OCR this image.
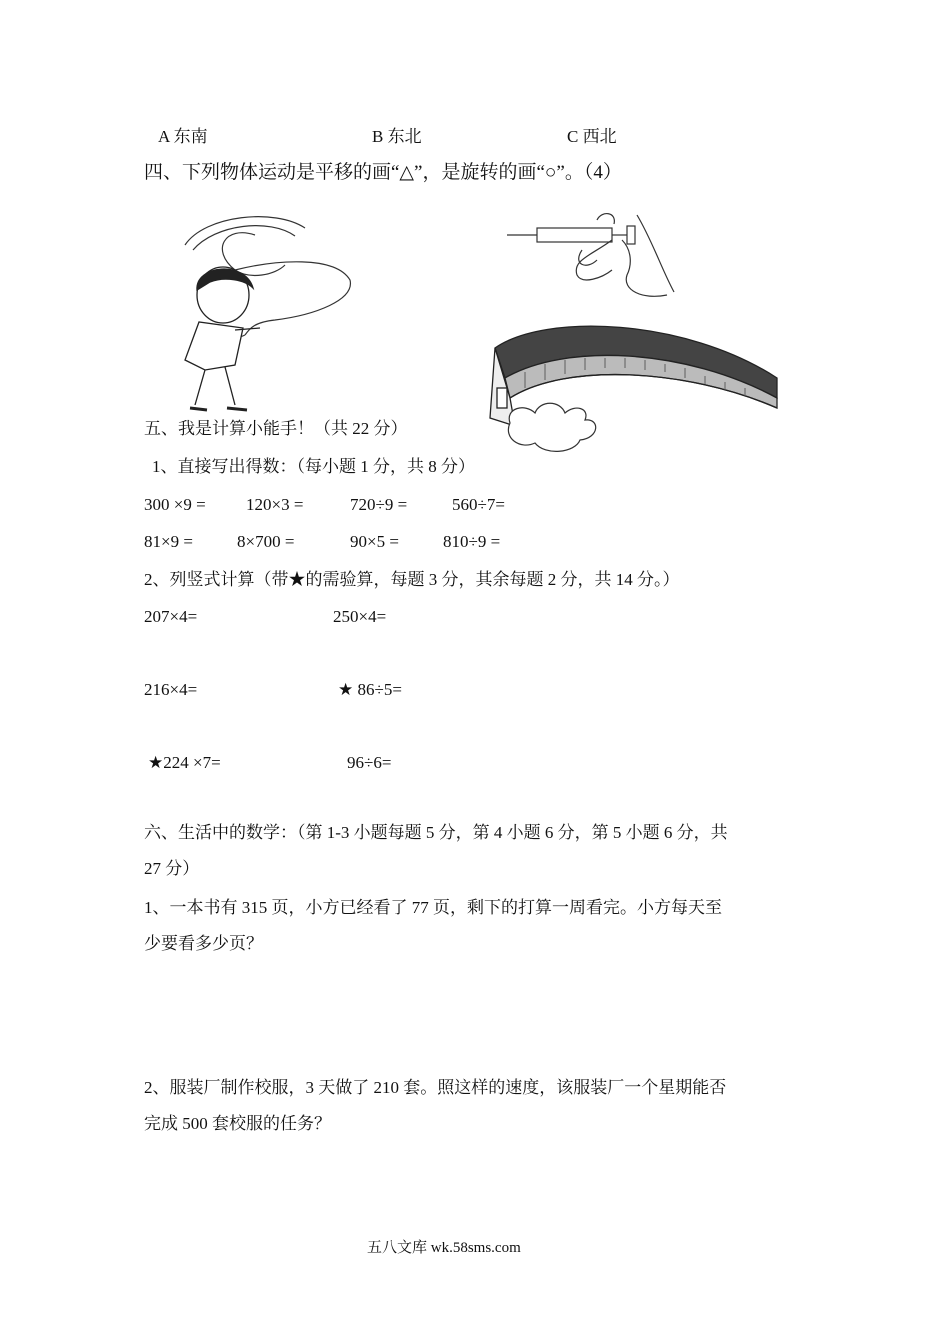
A 东南	B 东北	C 西北
四、下列物体运动是平移的画“△”，是旋转的画“○”。（4）
五、我是计算小能手！（共 22 分）
1、直接写出得数：（每小题 1 分，共 8 分）
300 ×9 = 120×3 =	720÷9 =	560÷7=
81×9 =	8×700 =	90×5 =	810÷9 =
2、列竖式计算（带★的需验算，每题 3 分，其余每题 2 分，共 14 分。）
207×4=	250×4=
216×4=	★ 86÷5=
★224 ×7=	96÷6=
六、生活中的数学：（第 1-3 小题每题 5 分，第 4 小题 6 分，第 5 小题 6 分，共
27 分）
1、一本书有 315 页，小方已经看了 77 页，剩下的打算一周看完。小方每天至
少要看多少页？
2、服装厂制作校服，3 天做了 210 套。照这样的速度，该服装厂一个星期能否
完成 500 套校服的任务？
五八文库 wk.58sms.com
